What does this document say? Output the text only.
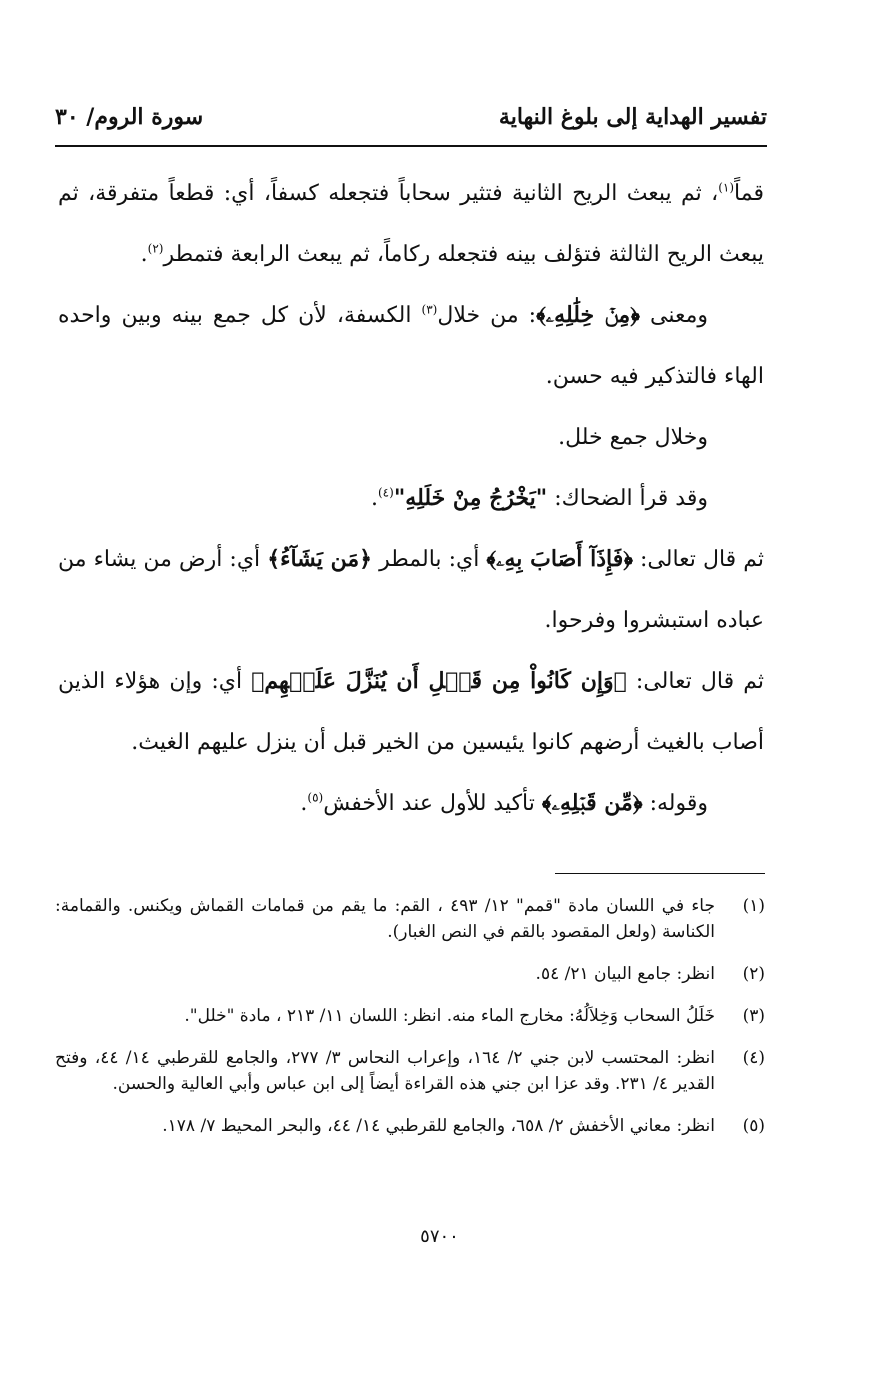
تفسير الهداية إلى بلوغ النهاية
سورة الروم/ ٣٠

قماً$^{(١)}$، ثم يبعث الريح الثانية فتثير سحاباً فتجعله كسفاً، أي: قطعاً متفرقة، ثم يبعث الريح الثالثة فتؤلف بينه فتجعله ركاماً، ثم يبعث الرابعة فتمطر$^{(٢)}$.

ومعنى ﴿مِنۡ خِلَٰلِهِۦ﴾: من خلال$^{(٣)}$ الكسفة، لأن كل جمع بينه وبين واحده الهاء فالتذكير فيه حسن.

وخلال جمع خلل.

وقد قرأ الضحاك: "يَخْرُجُ مِنْ خَلَلِهِ"$^{(٤)}$.

ثم قال تعالى: ﴿فَإِذَآ أَصَابَ بِهِۦ﴾ أي: بالمطر ﴿مَن يَشَآءُ﴾ أي: أرض من يشاء من عباده استبشروا وفرحوا.

ثم قال تعالى: ﴿وَإِن كَانُواْ مِن قَبۡلِ أَن يُنَزَّلَ عَلَيۡهِم﴾ أي: وإن هؤلاء الذين أصاب بالغيث أرضهم كانوا يئيسين من الخير قبل أن ينزل عليهم الغيث.

وقوله: ﴿مِّن قَبۡلِهِۦ﴾ تأكيد للأول عند الأخفش$^{(٥)}$.

(١)
جاء في اللسان مادة "قمم" ١٢/ ٤٩٣ ، القم: ما يقم من قمامات القماش ويكنس. والقمامة: الكناسة (ولعل المقصود بالقم في النص الغبار).
(٢)
انظر: جامع البيان ٢١/ ٥٤.
(٣)
خَلَلُ السحاب وَخِلاَلُهُ: مخارج الماء منه. انظر: اللسان ١١/ ٢١٣ ، مادة "خلل".
(٤)
انظر: المحتسب لابن جني ٢/ ١٦٤، وإعراب النحاس ٣/ ٢٧٧، والجامع للقرطبي ١٤/ ٤٤، وفتح القدير ٤/ ٢٣١. وقد عزا ابن جني هذه القراءة أيضاً إلى ابن عباس وأبي العالية والحسن.
(٥)
انظر: معاني الأخفش ٢/ ٦٥٨، والجامع للقرطبي ١٤/ ٤٤، والبحر المحيط ٧/ ١٧٨.
٥٧٠٠
